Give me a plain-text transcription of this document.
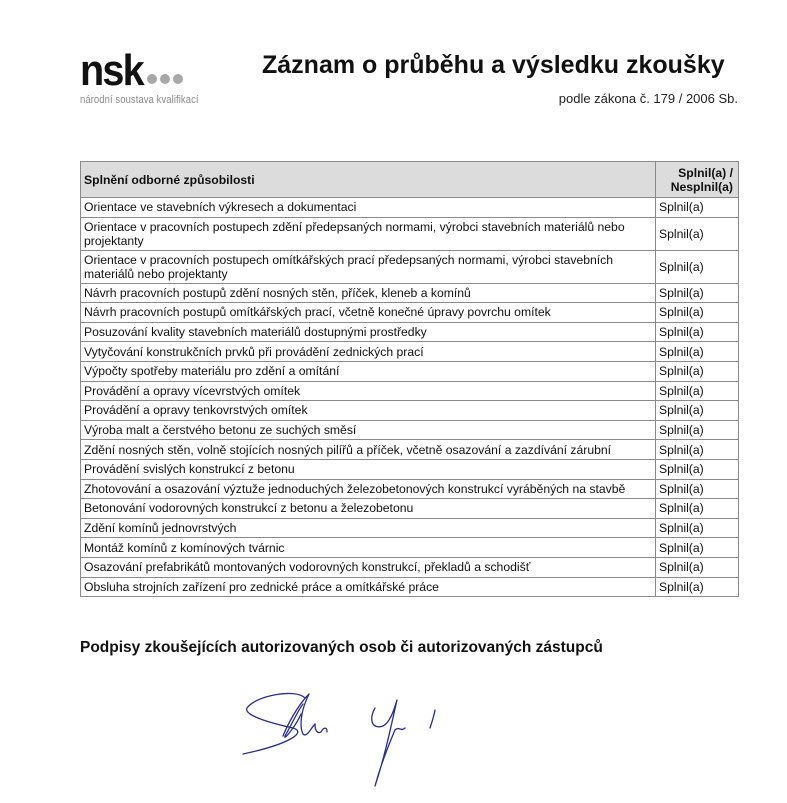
nsk
národní soustava kvalifikací
Záznam o průběhu a výsledku zkoušky
podle zákona č. 179 / 2006 Sb.
Splnění odborné způsobilosti	Splnil(a) / Nesplnil(a)
Orientace ve stavebních výkresech a dokumentaci	Splnil(a)
Orientace v pracovních postupech zdění předepsaných normami, výrobci stavebních materiálů nebo projektanty	Splnil(a)
Orientace v pracovních postupech omítkářských prací předepsaných normami, výrobci stavebních materiálů nebo projektanty	Splnil(a)
Návrh pracovních postupů zdění nosných stěn, příček, kleneb a komínů	Splnil(a)
Návrh pracovních postupů omítkářských prací, včetně konečné úpravy povrchu omítek	Splnil(a)
Posuzování kvality stavebních materiálů dostupnými prostředky	Splnil(a)
Vytyčování konstrukčních prvků při provádění zednických prací	Splnil(a)
Výpočty spotřeby materiálu pro zdění a omítání	Splnil(a)
Provádění a opravy vícevrstvých omítek	Splnil(a)
Provádění a opravy tenkovrstvých omítek	Splnil(a)
Výroba malt a čerstvého betonu ze suchých směsí	Splnil(a)
Zdění nosných stěn, volně stojících nosných pilířů a příček, včetně osazování a zazdívání zárubní	Splnil(a)
Provádění svislých konstrukcí z betonu	Splnil(a)
Zhotovování a osazování výztuže jednoduchých železobetonových konstrukcí vyráběných na stavbě	Splnil(a)
Betonování vodorovných konstrukcí z betonu a železobetonu	Splnil(a)
Zdění komínů jednovrstvých	Splnil(a)
Montáž komínů z komínových tvárnic	Splnil(a)
Osazování prefabrikátů montovaných vodorovných konstrukcí, překladů a schodišť	Splnil(a)
Obsluha strojních zařízení pro zednické práce a omítkářské práce	Splnil(a)
Podpisy zkoušejících autorizovaných osob či autorizovaných zástupců
